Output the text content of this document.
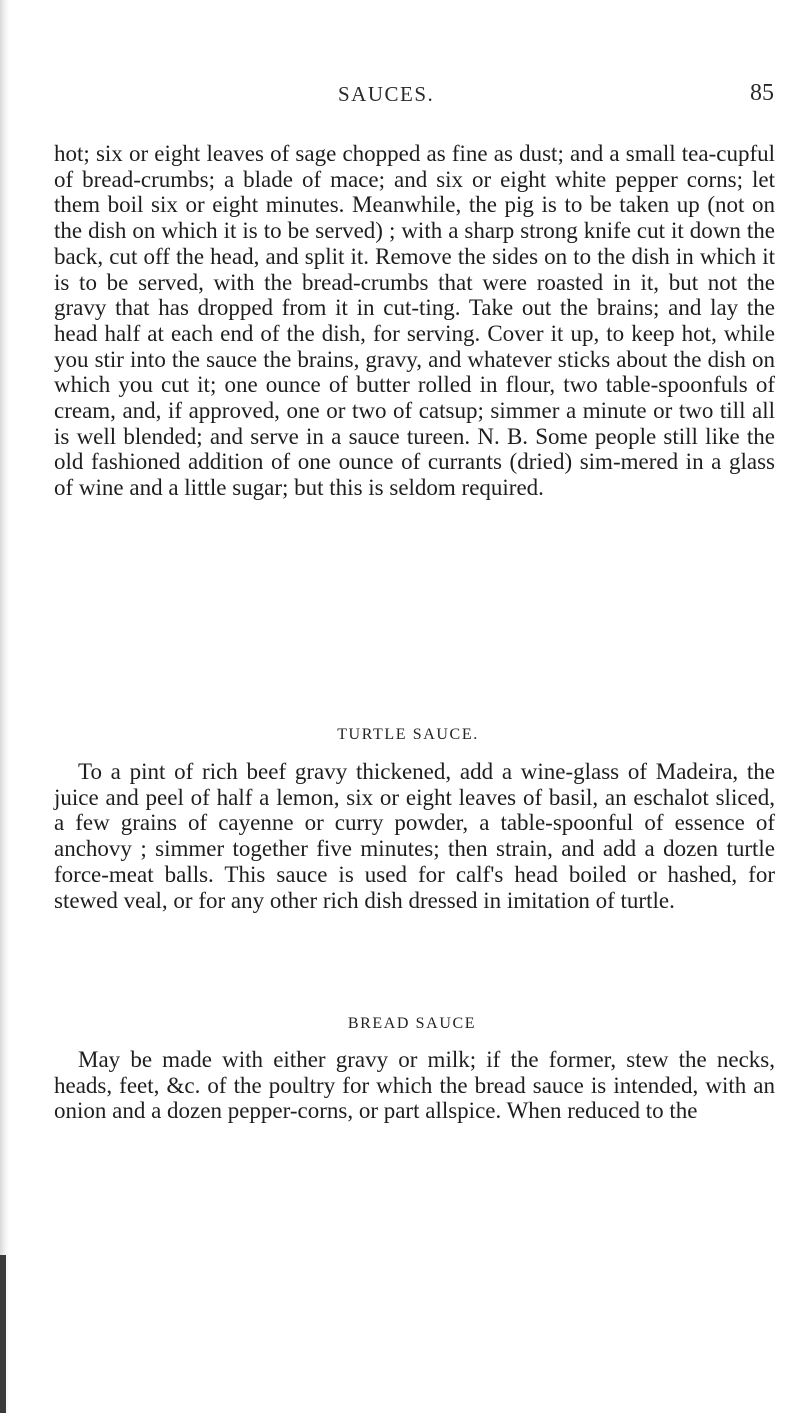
SAUCES.	85

hot; six or eight leaves of sage chopped as fine as dust; and a small tea-cupful of bread-crumbs; a blade of mace; and six or eight white pepper corns; let them boil six or eight minutes. Meanwhile, the pig is to be taken up (not on the dish on which it is to be served) ; with a sharp strong knife cut it down the back, cut off the head, and split it. Remove the sides on to the dish in which it is to be served, with the bread-crumbs that were roasted in it, but not the gravy that has dropped from it in cut-ting. Take out the brains; and lay the head half at each end of the dish, for serving. Cover it up, to keep hot, while you stir into the sauce the brains, gravy, and whatever sticks about the dish on which you cut it; one ounce of butter rolled in flour, two table-spoonfuls of cream, and, if approved, one or two of catsup; simmer a minute or two till all is well blended; and serve in a sauce tureen. N. B. Some people still like the old fashioned addition of one ounce of currants (dried) sim-mered in a glass of wine and a little sugar; but this is seldom required.

TURTLE SAUCE.

To a pint of rich beef gravy thickened, add a wine-glass of Madeira, the juice and peel of half a lemon, six or eight leaves of basil, an eschalot sliced, a few grains of cayenne or curry powder, a table-spoonful of essence of anchovy ; simmer together five minutes; then strain, and add a dozen turtle force-meat balls. This sauce is used for calf's head boiled or hashed, for stewed veal, or for any other rich dish dressed in imitation of turtle.

BREAD SAUCE

May be made with either gravy or milk; if the former, stew the necks, heads, feet, &c. of the poultry for which the bread sauce is intended, with an onion and a dozen pepper-corns, or part allspice. When reduced to the
